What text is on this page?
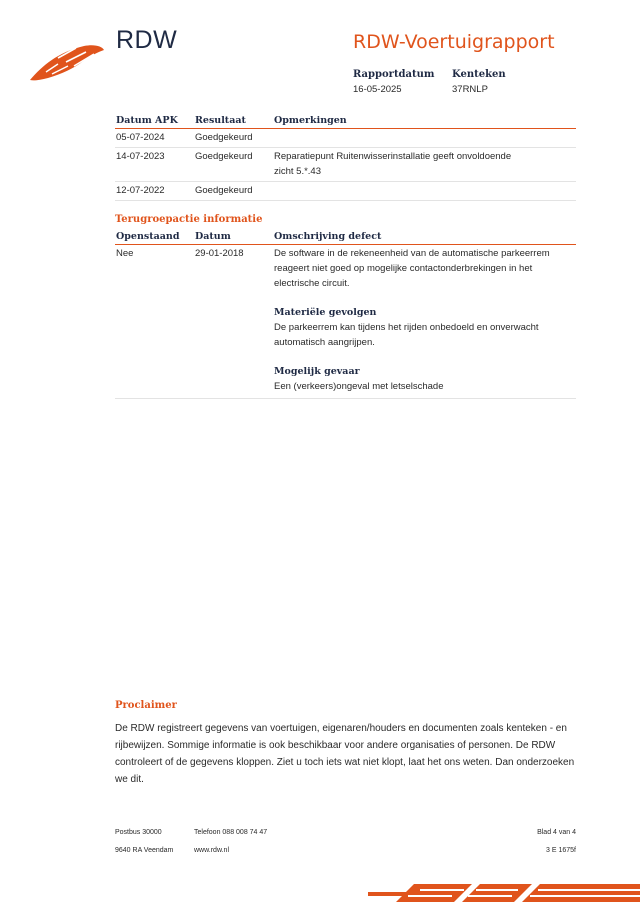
RDW	RDW-Voertuigrapport
Rapportdatum
16-05-2025
Kenteken
37RNLP
Datum APK	Resultaat	Opmerkingen
05-07-2024	Goedgekeurd	
14-07-2023	Goedgekeurd	Reparatiepunt Ruitenwisserinstallatie geeft onvoldoende zicht 5.*.43
12-07-2022	Goedgekeurd	
Terugroepactie informatie
Openstaand	Datum	Omschrijving defect
Nee	29-01-2018	De software in de rekeneenheid van de automatische parkeerrem reageert niet goed op mogelijke contactonderbrekingen in het electrische circuit.
Materiële gevolgen
De parkeerrem kan tijdens het rijden onbedoeld en onverwacht automatisch aangrijpen.
Mogelijk gevaar
Een (verkeers)ongeval met letselschade
Proclaimer
De RDW registreert gegevens van voertuigen, eigenaren/houders en documenten zoals kenteken - en rijbewijzen. Sommige informatie is ook beschikbaar voor andere organisaties of personen. De RDW controleert of de gegevens kloppen. Ziet u toch iets wat niet klopt, laat het ons weten. Dan onderzoeken we dit.
Postbus 30000
9640 RA Veendam
Telefoon 088 008 74 47
www.rdw.nl
Blad 4 van 4
3 E 1675f
